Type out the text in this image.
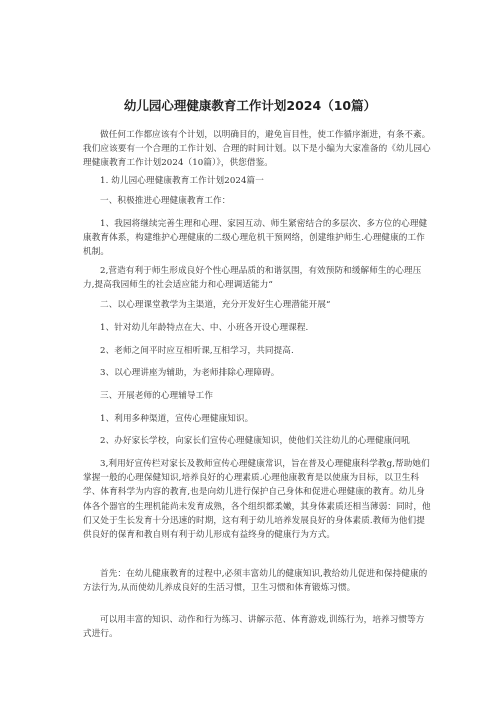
幼儿园心理健康教育工作计划2024（10篇）

做任何工作都应该有个计划，以明确目的，避免盲目性，使工作循序渐进，有条不紊。我们应该要有一个合理的工作计划、合理的时间计划。以下是小编为大家准备的《幼儿园心理健康教育工作计划2024（10篇）》，供您借鉴。

1. 幼儿园心理健康教育工作计划2024篇一

一、积极推进心理健康教育工作：

1、我园将继续完善生理和心理、家园互动、师生紧密结合的多层次、多方位的心理健康教育体系，构建维护心理健康的二级心理危机干预网络，创建维护师生.心理健康的工作机制。

2,营造有利于师生形成良好个性心理品质的和谐氛围，有效预防和缓解师生的心理压力,提高我园师生的社会适应能力和心理调适能力“

二、以心理课堂教学为主渠道，充分开发好生心理潜能开展“

1、针对幼儿年龄特点在大、中、小班各开设心理课程.

2、老师之间平时应互相听课,互相学习，共同提高.

3、以心理讲座为辅助，为老师排除心理障碍。

三、开展老师的心理辅导工作

1、利用多种渠道，宣传心理健康知识。

2、办好家长学校，向家长们宣传心理健康知识，使他们关注幼儿的心理健康问吼

3,利用好宣传栏对家长及教师宣传心理健康常识，旨在普及心理健康科学教g,帮助她们掌握一般的心理保健知识,培养良好的心理素质.心理他康教育是以使康为目标，以卫生科学、体育科学为内容的教育,也是向幼儿进行保护自己身体和促进心理健康的教育。幼儿身体各个器官的生理机能尚未发育成熟，各个组织都柔嫩，其身体素质还相当薄弱：同时，他们又处于生长发育十分迅速的时期，这有利于幼儿培养发展良好的身体素质.教师为他们提供良好的保育和教自则有利于幼儿形成有益终身的健康行为方式。

首先：在幼儿健康教育的过程中,必须丰富幼儿的健康知识,教给幼儿促进和保持健康的方法行为,从而使幼儿养成良好的生活习惯，卫生习惯和体育锻炼习惯。

可以用丰富的知识、动作和行为练习、讲解示范、体育游戏,训练行为，培养习惯等方式进行。
